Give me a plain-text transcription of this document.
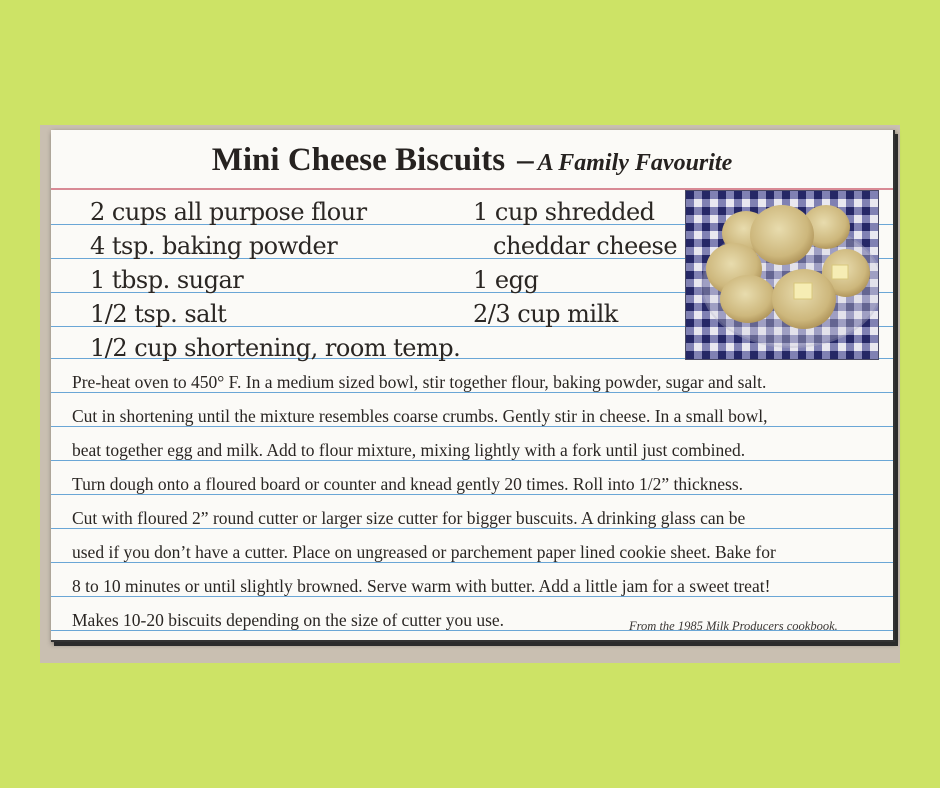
Mini Cheese Biscuits – A Family Favourite
2 cups all purpose flour
4 tsp. baking powder
1 tbsp. sugar
1/2 tsp. salt
1/2 cup shortening, room temp.
1 cup shredded
cheddar cheese
1 egg
2/3 cup milk
Pre-heat oven to 450° F. In a medium sized bowl, stir together flour, baking powder, sugar and salt.
Cut in shortening until the mixture resembles coarse crumbs. Gently stir in cheese. In a small bowl,
beat together egg and milk. Add to flour mixture, mixing lightly with a fork until just combined.
Turn dough onto a floured board or counter and knead gently 20 times. Roll into 1/2” thickness.
Cut with floured 2” round cutter or larger size cutter for bigger buscuits. A drinking glass can be
used if you don’t have a cutter. Place on ungreased or parchement paper lined cookie sheet. Bake for
8 to 10 minutes or until slightly browned. Serve warm with butter. Add a little jam for a sweet treat!
Makes 10-20 biscuits depending on the size of cutter you use.	From the 1985 Milk Producers cookbook.
